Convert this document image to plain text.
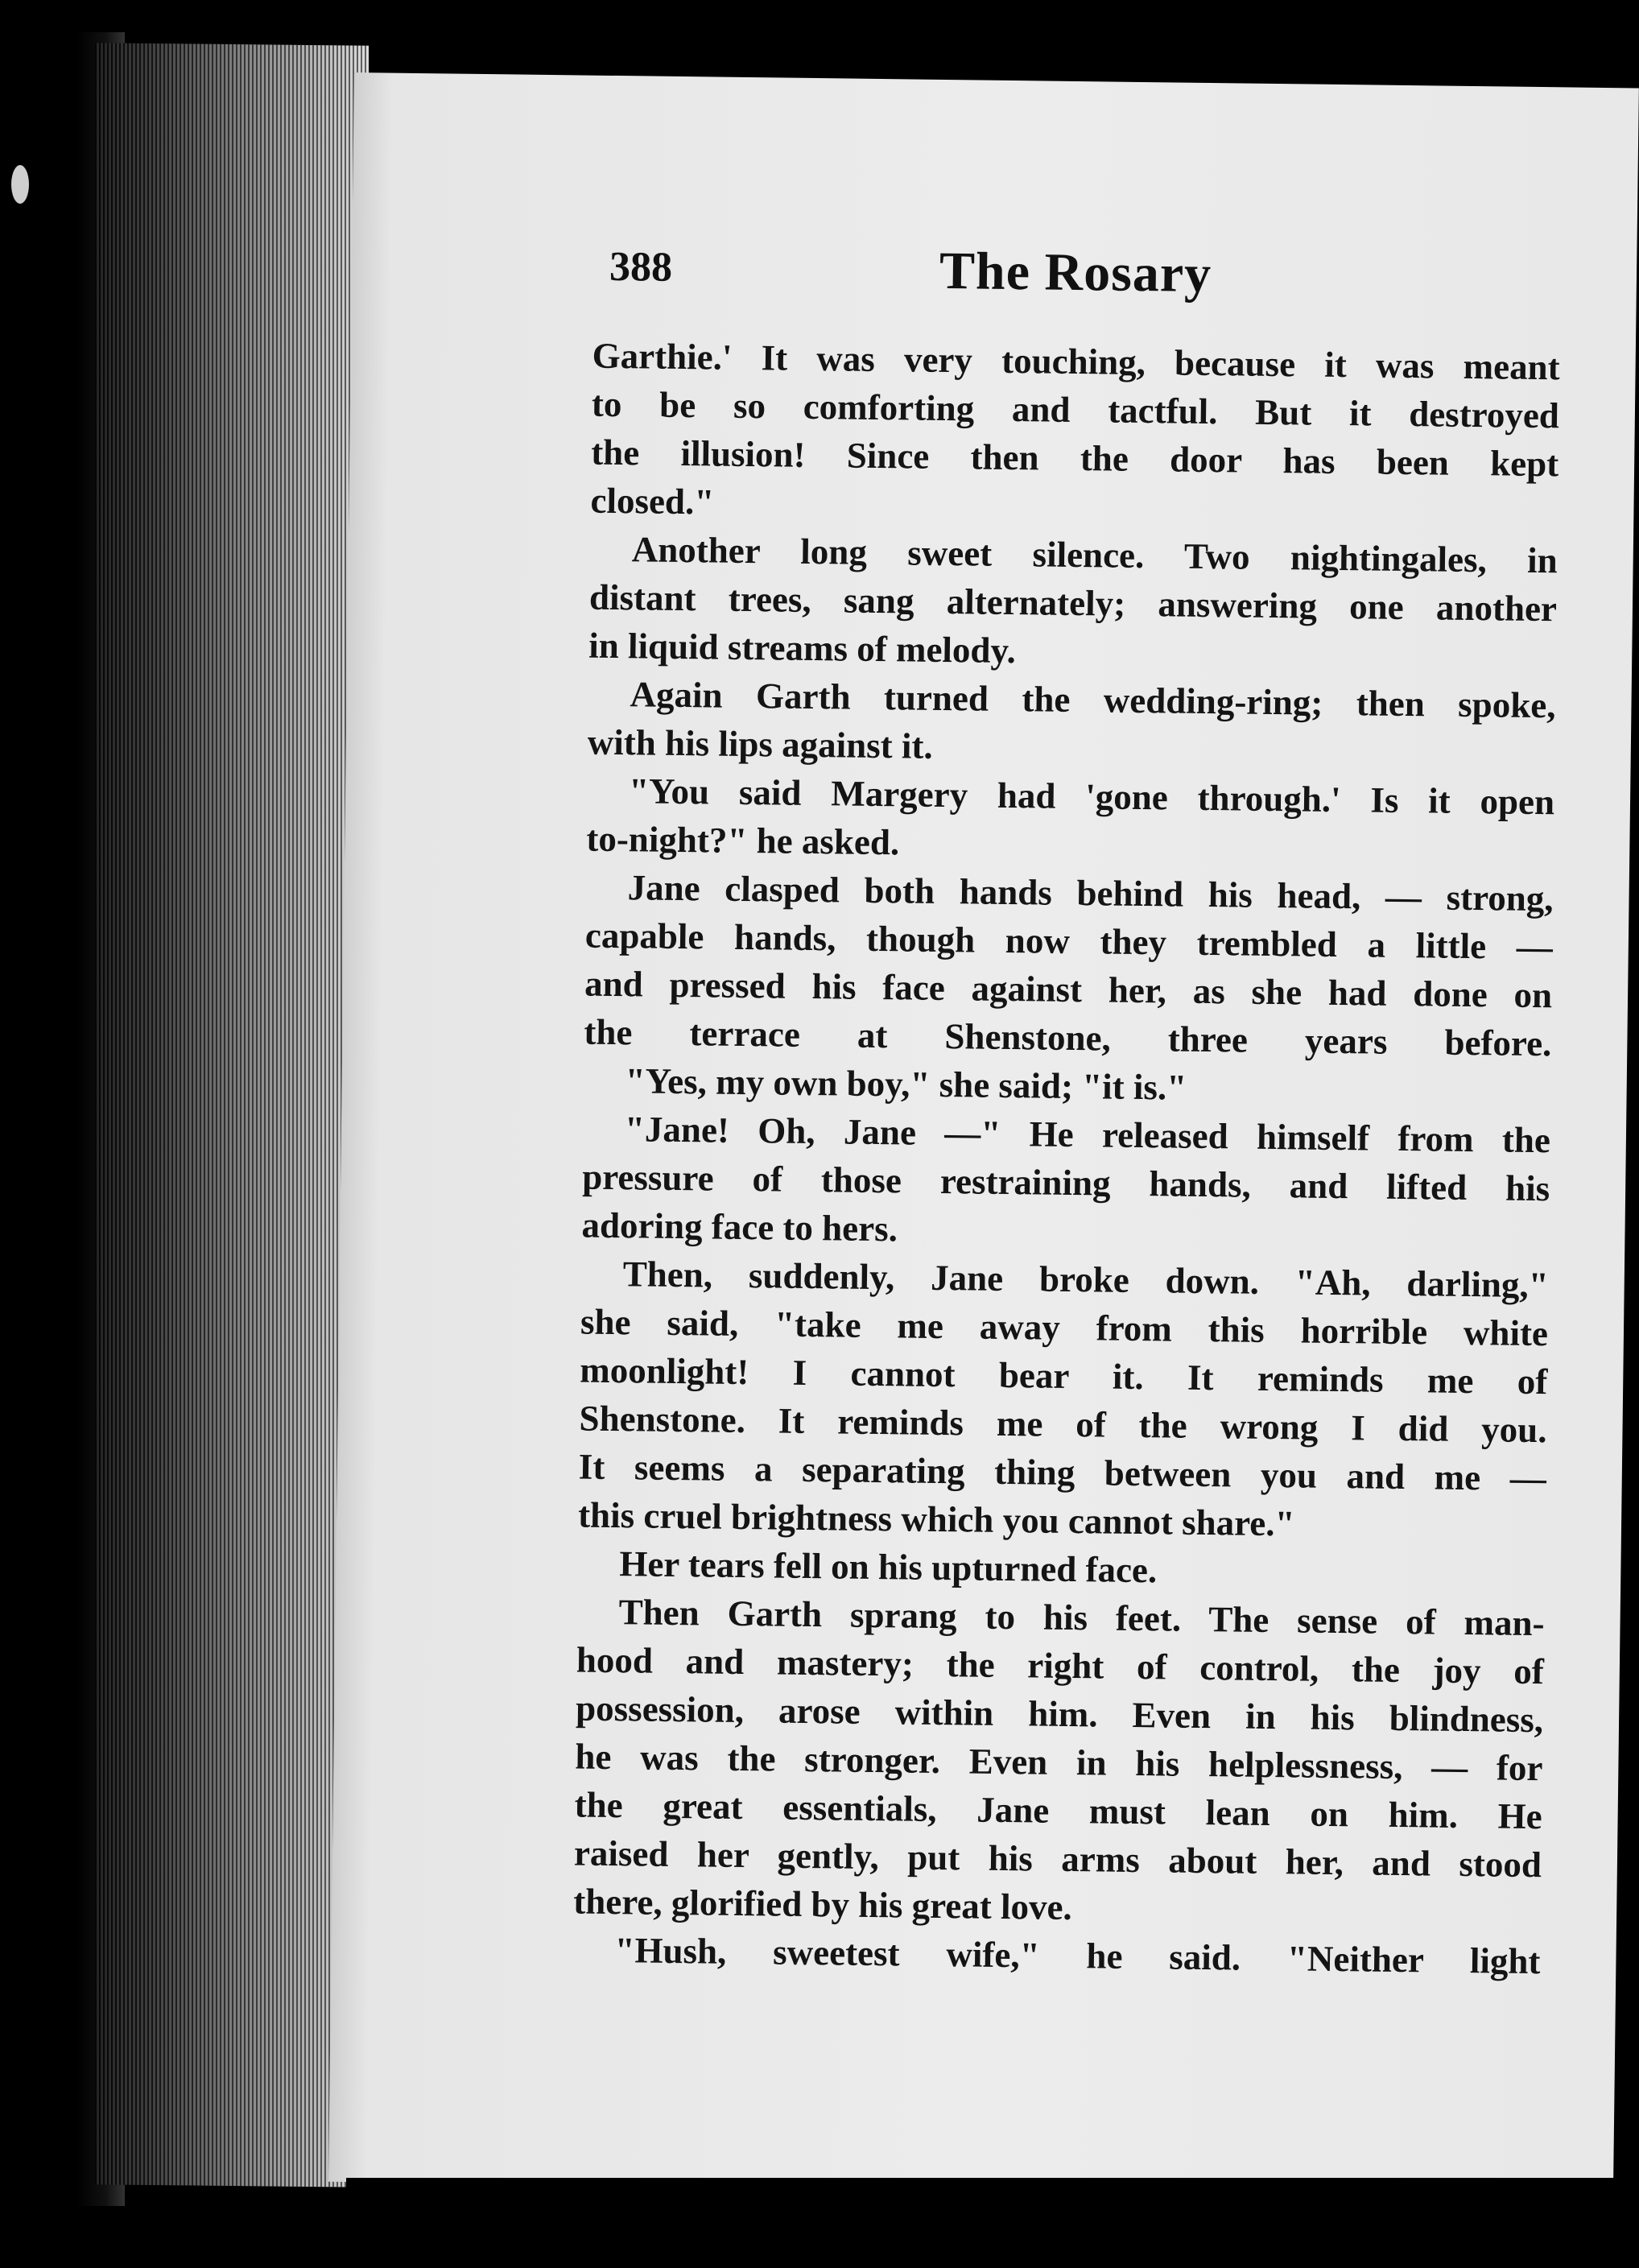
388	The Rosary

Garthie.' It was very touching, because it was meant

to be so comforting and tactful. But it destroyed

the illusion! Since then the door has been kept

closed."

Another long sweet silence. Two nightingales, in

distant trees, sang alternately; answering one another

in liquid streams of melody.

Again Garth turned the wedding-ring; then spoke,

with his lips against it.

"You said Margery had 'gone through.' Is it open

to-night?" he asked.

Jane clasped both hands behind his head, — strong,

capable hands, though now they trembled a little —

and pressed his face against her, as she had done on

the terrace at Shenstone, three years before.

"Yes, my own boy," she said; "it is."

"Jane! Oh, Jane —" He released himself from the

pressure of those restraining hands, and lifted his

adoring face to hers.

Then, suddenly, Jane broke down. "Ah, darling,"

she said, "take me away from this horrible white

moonlight! I cannot bear it. It reminds me of

Shenstone. It reminds me of the wrong I did you.

It seems a separating thing between you and me —

this cruel brightness which you cannot share."

Her tears fell on his upturned face.

Then Garth sprang to his feet. The sense of man-

hood and mastery; the right of control, the joy of

possession, arose within him. Even in his blindness,

he was the stronger. Even in his helplessness, — for

the great essentials, Jane must lean on him. He

raised her gently, put his arms about her, and stood

there, glorified by his great love.

"Hush, sweetest wife," he said. "Neither light
